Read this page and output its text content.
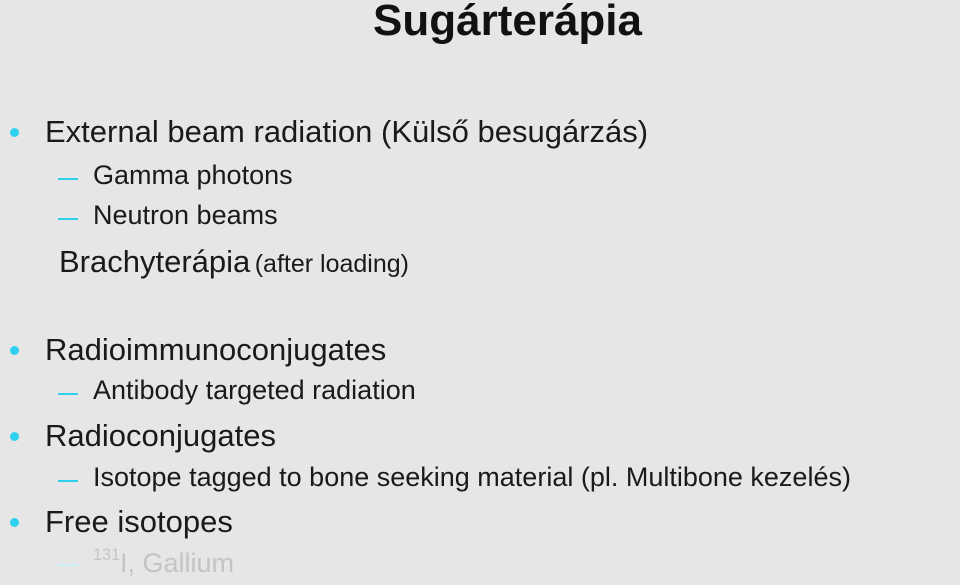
Sugárterápia
External beam radiation (Külső besugárzás)
Gamma photons
Neutron beams
Brachyterápia (after loading)
Radioimmunoconjugates
Antibody targeted radiation
Radioconjugates
Isotope tagged to bone seeking material (pl. Multibone kezelés)
Free isotopes
$^{131}$I, Gallium
